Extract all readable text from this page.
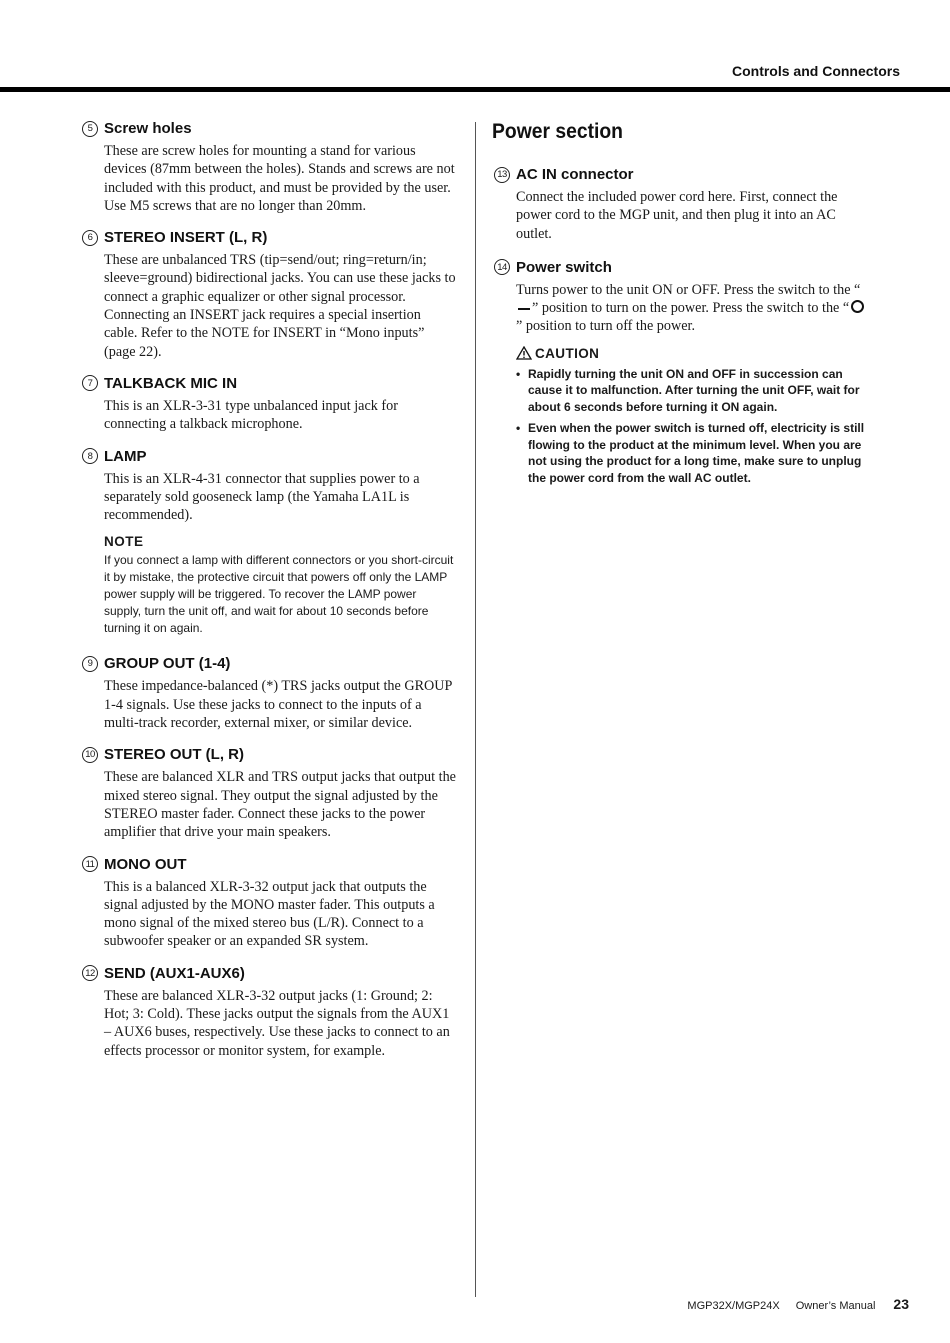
Controls and Connectors
5 Screw holes

These are screw holes for mounting a stand for various devices (87mm between the holes). Stands and screws are not included with this product, and must be provided by the user. Use M5 screws that are no longer than 20mm.

6 STEREO INSERT (L, R)

These are unbalanced TRS (tip=send/out; ring=return/in; sleeve=ground) bidirectional jacks. You can use these jacks to connect a graphic equalizer or other signal processor. Connecting an INSERT jack requires a special insertion cable. Refer to the NOTE for INSERT in “Mono inputs” (page 22).

7 TALKBACK MIC IN

This is an XLR-3-31 type unbalanced input jack for connecting a talkback microphone.

8 LAMP

This is an XLR-4-31 connector that supplies power to a separately sold gooseneck lamp (the Yamaha LA1L is recommended).

NOTE
If you connect a lamp with different connectors or you short-circuit it by mistake, the protective circuit that powers off only the LAMP power supply will be triggered. To recover the LAMP power supply, turn the unit off, and wait for about 10 seconds before turning it on again.
9 GROUP OUT (1-4)

These impedance-balanced (*) TRS jacks output the GROUP 1-4 signals. Use these jacks to connect to the inputs of a multi-track recorder, external mixer, or similar device.

10 STEREO OUT (L, R)

These are balanced XLR and TRS output jacks that output the mixed stereo signal. They output the signal adjusted by the STEREO master fader. Connect these jacks to the power amplifier that drive your main speakers.

11 MONO OUT

This is a balanced XLR-3-32 output jack that outputs the signal adjusted by the MONO master fader. This outputs a mono signal of the mixed stereo bus (L/R). Connect to a subwoofer speaker or an expanded SR system.

12 SEND (AUX1-AUX6)

These are balanced XLR-3-32 output jacks (1: Ground; 2: Hot; 3: Cold). These jacks output the signals from the AUX1 – AUX6 buses, respectively. Use these jacks to connect to an effects processor or monitor system, for example.

Power section
13 AC IN connector

Connect the included power cord here. First, connect the power cord to the MGP unit, and then plug it into an AC outlet.

14 Power switch

Turns power to the unit ON or OFF. Press the switch to the “” position to turn on the power. Press the switch to the “” position to turn off the power.

CAUTION
• Rapidly turning the unit ON and OFF in succession can cause it to malfunction. After turning the unit OFF, wait for about 6 seconds before turning it ON again.
• Even when the power switch is turned off, electricity is still flowing to the product at the minimum level. When you are not using the product for a long time, make sure to unplug the power cord from the wall AC outlet.
MGP32X/MGP24X Owner’s Manual 23
